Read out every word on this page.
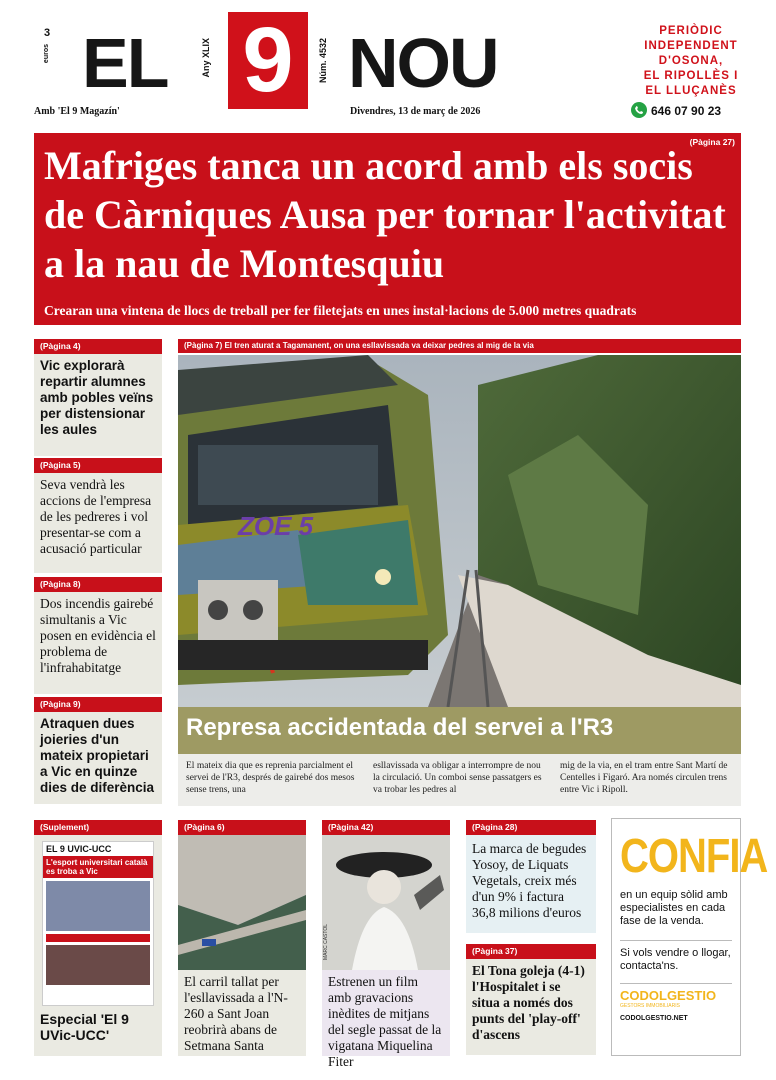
3
euros EL	Any XLIX 9	Núm. 4532 NOU	PERIÒDIC
INDEPENDENT
D'OSONA,
EL RIPOLLÈS I
EL LLUÇANÈS
Amb 'El 9 Magazín'	Divendres, 13 de març de 2026	646 07 90 23
(Pàgina 27)
Mafriges tanca un acord amb els socis de Càrniques Ausa per tornar l'activitat a la nau de Montesquiu
Crearan una vintena de llocs de treball per fer filetejats en unes instal·lacions de 5.000 metres quadrats
(Pàgina 4)
Vic explorarà repartir alumnes amb pobles veïns per distensionar les aules
(Pàgina 5)
Seva vendrà les accions de l'empresa de les pedreres i vol presentar-se com a acusació particular
(Pàgina 8)
Dos incendis gairebé simultanis a Vic posen en evidència el problema de l'infrahabitatge
(Pàgina 9)
Atraquen dues joieries d'un mateix propietari a Vic en quinze dies de diferència
(Pàgina 7) El tren aturat a Tagamanent, on una esllavissada va deixar pedres al mig de la via
ZOE 5
Represa accidentada del servei a l'R3
El mateix dia que es reprenia parcialment el servei de l'R3, després de gairebé dos mesos sense trens, una
esllavissada va obligar a interrompre de nou la circulació. Un comboi sense passatgers es va trobar les pedres al
mig de la via, en el tram entre Sant Martí de Centelles i Figaró. Ara només circulen trens entre Vic i Ripoll.
(Suplement)
EL 9 UVIC-UCC
L'esport universitari català es troba a Vic
Especial 'El 9 UVic-UCC'
(Pàgina 6)
El carril tallat per l'esllavissada a l'N-260 a Sant Joan reobrirà abans de Setmana Santa
(Pàgina 42)
MARC CASTOL
Estrenen un film amb gravacions inèdites de mitjans del segle passat de la vigatana Miquelina Fiter
(Pàgina 28)
La marca de begudes Yosoy, de Liquats Vegetals, creix més d'un 9% i factura 36,8 milions d'euros
(Pàgina 37)
El Tona golejа (4-1) l'Hospitalet i se situa a només dos punts del 'play-off' d'ascens
CONFIA
en un equip sòlid amb especialistes en cada fase de la venda.
Si vols vendre o llogar, contacta'ns.
CODOLGESTIO
GESTORS IMMOBILIARIS
CODOLGESTIO.NET
